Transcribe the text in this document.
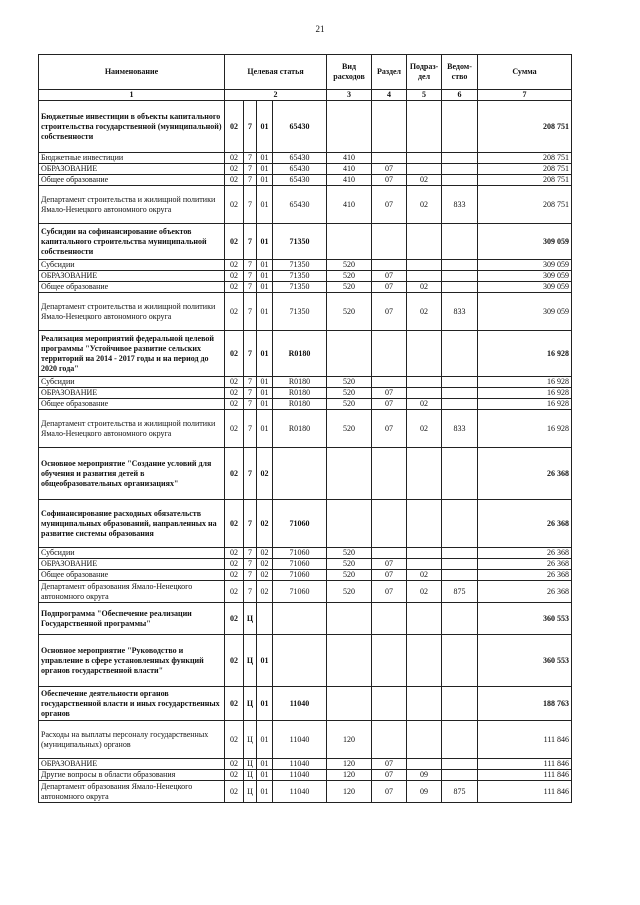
21
Наименование	Целевая статья				Вид расходов	Раздел	Подраз-дел	Ведом-ство	Сумма
1	2				3	4	5	6	7
Бюджетные инвестиции в объекты капитального строительства государственной (муниципальной) собственности	02	7	01	65430					208 751
Бюджетные инвестиции	02	7	01	65430	410				208 751
ОБРАЗОВАНИЕ	02	7	01	65430	410	07			208 751
Общее образование	02	7	01	65430	410	07	02		208 751
Департамент строительства и жилищной политики Ямало-Ненецкого автономного округа	02	7	01	65430	410	07	02	833	208 751
Субсидии на софинансирование объектов капитального строительства муниципальной собственности	02	7	01	71350					309 059
Субсидии	02	7	01	71350	520				309 059
ОБРАЗОВАНИЕ	02	7	01	71350	520	07			309 059
Общее образование	02	7	01	71350	520	07	02		309 059
Департамент строительства и жилищной политики Ямало-Ненецкого автономного округа	02	7	01	71350	520	07	02	833	309 059
Реализация мероприятий федеральной целевой программы "Устойчивое развитие сельских территорий на 2014 - 2017 годы и на период до 2020 года"	02	7	01	R0180					16 928
Субсидии	02	7	01	R0180	520				16 928
ОБРАЗОВАНИЕ	02	7	01	R0180	520	07			16 928
Общее образование	02	7	01	R0180	520	07	02		16 928
Департамент строительства и жилищной политики Ямало-Ненецкого автономного округа	02	7	01	R0180	520	07	02	833	16 928
Основное мероприятие "Создание условий для обучения и развития детей в общеобразовательных организациях"	02	7	02						26 368
Софинансирование расходных обязательств муниципальных образований, направленных на развитие системы образования	02	7	02	71060					26 368
Субсидии	02	7	02	71060	520				26 368
ОБРАЗОВАНИЕ	02	7	02	71060	520	07			26 368
Общее образование	02	7	02	71060	520	07	02		26 368
Департамент образования Ямало-Ненецкого автономного округа	02	7	02	71060	520	07	02	875	26 368
Подпрограмма "Обеспечение реализации Государственной программы"	02	Ц							360 553
Основное мероприятие "Руководство и управление в сфере установленных функций органов государственной власти"	02	Ц	01						360 553
Обеспечение деятельности органов государственной власти и иных государственных органов	02	Ц	01	11040					188 763
Расходы на выплаты персоналу государственных (муниципальных) органов	02	Ц	01	11040	120				111 846
ОБРАЗОВАНИЕ	02	Ц	01	11040	120	07			111 846
Другие вопросы в области образования	02	Ц	01	11040	120	07	09		111 846
Департамент образования Ямало-Ненецкого автономного округа	02	Ц	01	11040	120	07	09	875	111 846
